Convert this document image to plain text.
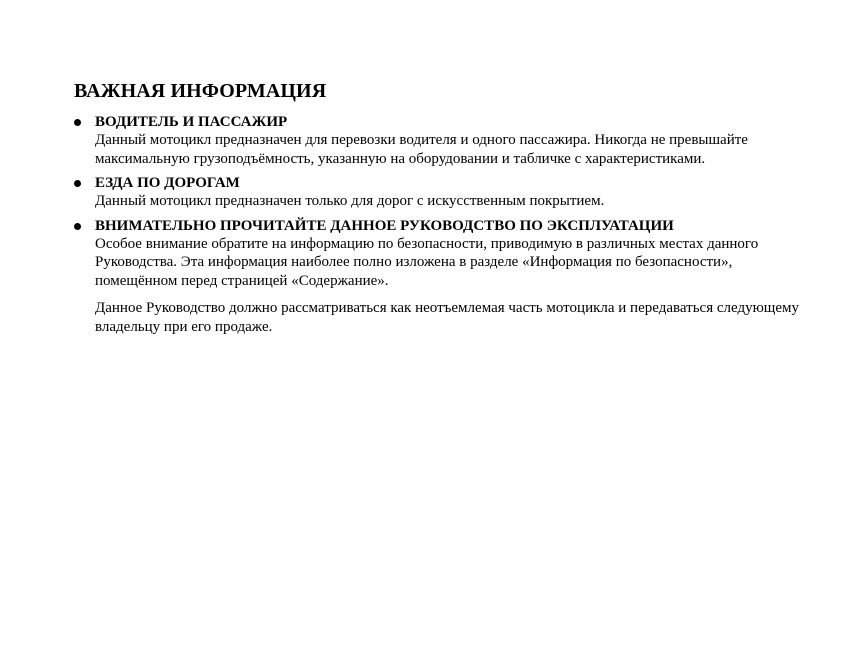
ВАЖНАЯ ИНФОРМАЦИЯ
ВОДИТЕЛЬ И ПАССАЖИР
Данный мотоцикл предназначен для перевозки водителя и одного пассажира. Никогда не превышайте максимальную грузоподъёмность, указанную на оборудовании и табличке с характеристиками.
ЕЗДА ПО ДОРОГАМ
Данный мотоцикл предназначен только для дорог с искусственным покрытием.
ВНИМАТЕЛЬНО ПРОЧИТАЙТЕ ДАННОЕ РУКОВОДСТВО ПО ЭКСПЛУАТАЦИИ
Особое внимание обратите на информацию по безопасности, приводимую в различных местах данного Руководства. Эта информация наиболее полно изложена в разделе «Информация по безопасности», помещённом перед страницей «Содержание».
Данное Руководство должно рассматриваться как неотъемлемая часть мотоцикла и передаваться следующему владельцу при его продаже.
